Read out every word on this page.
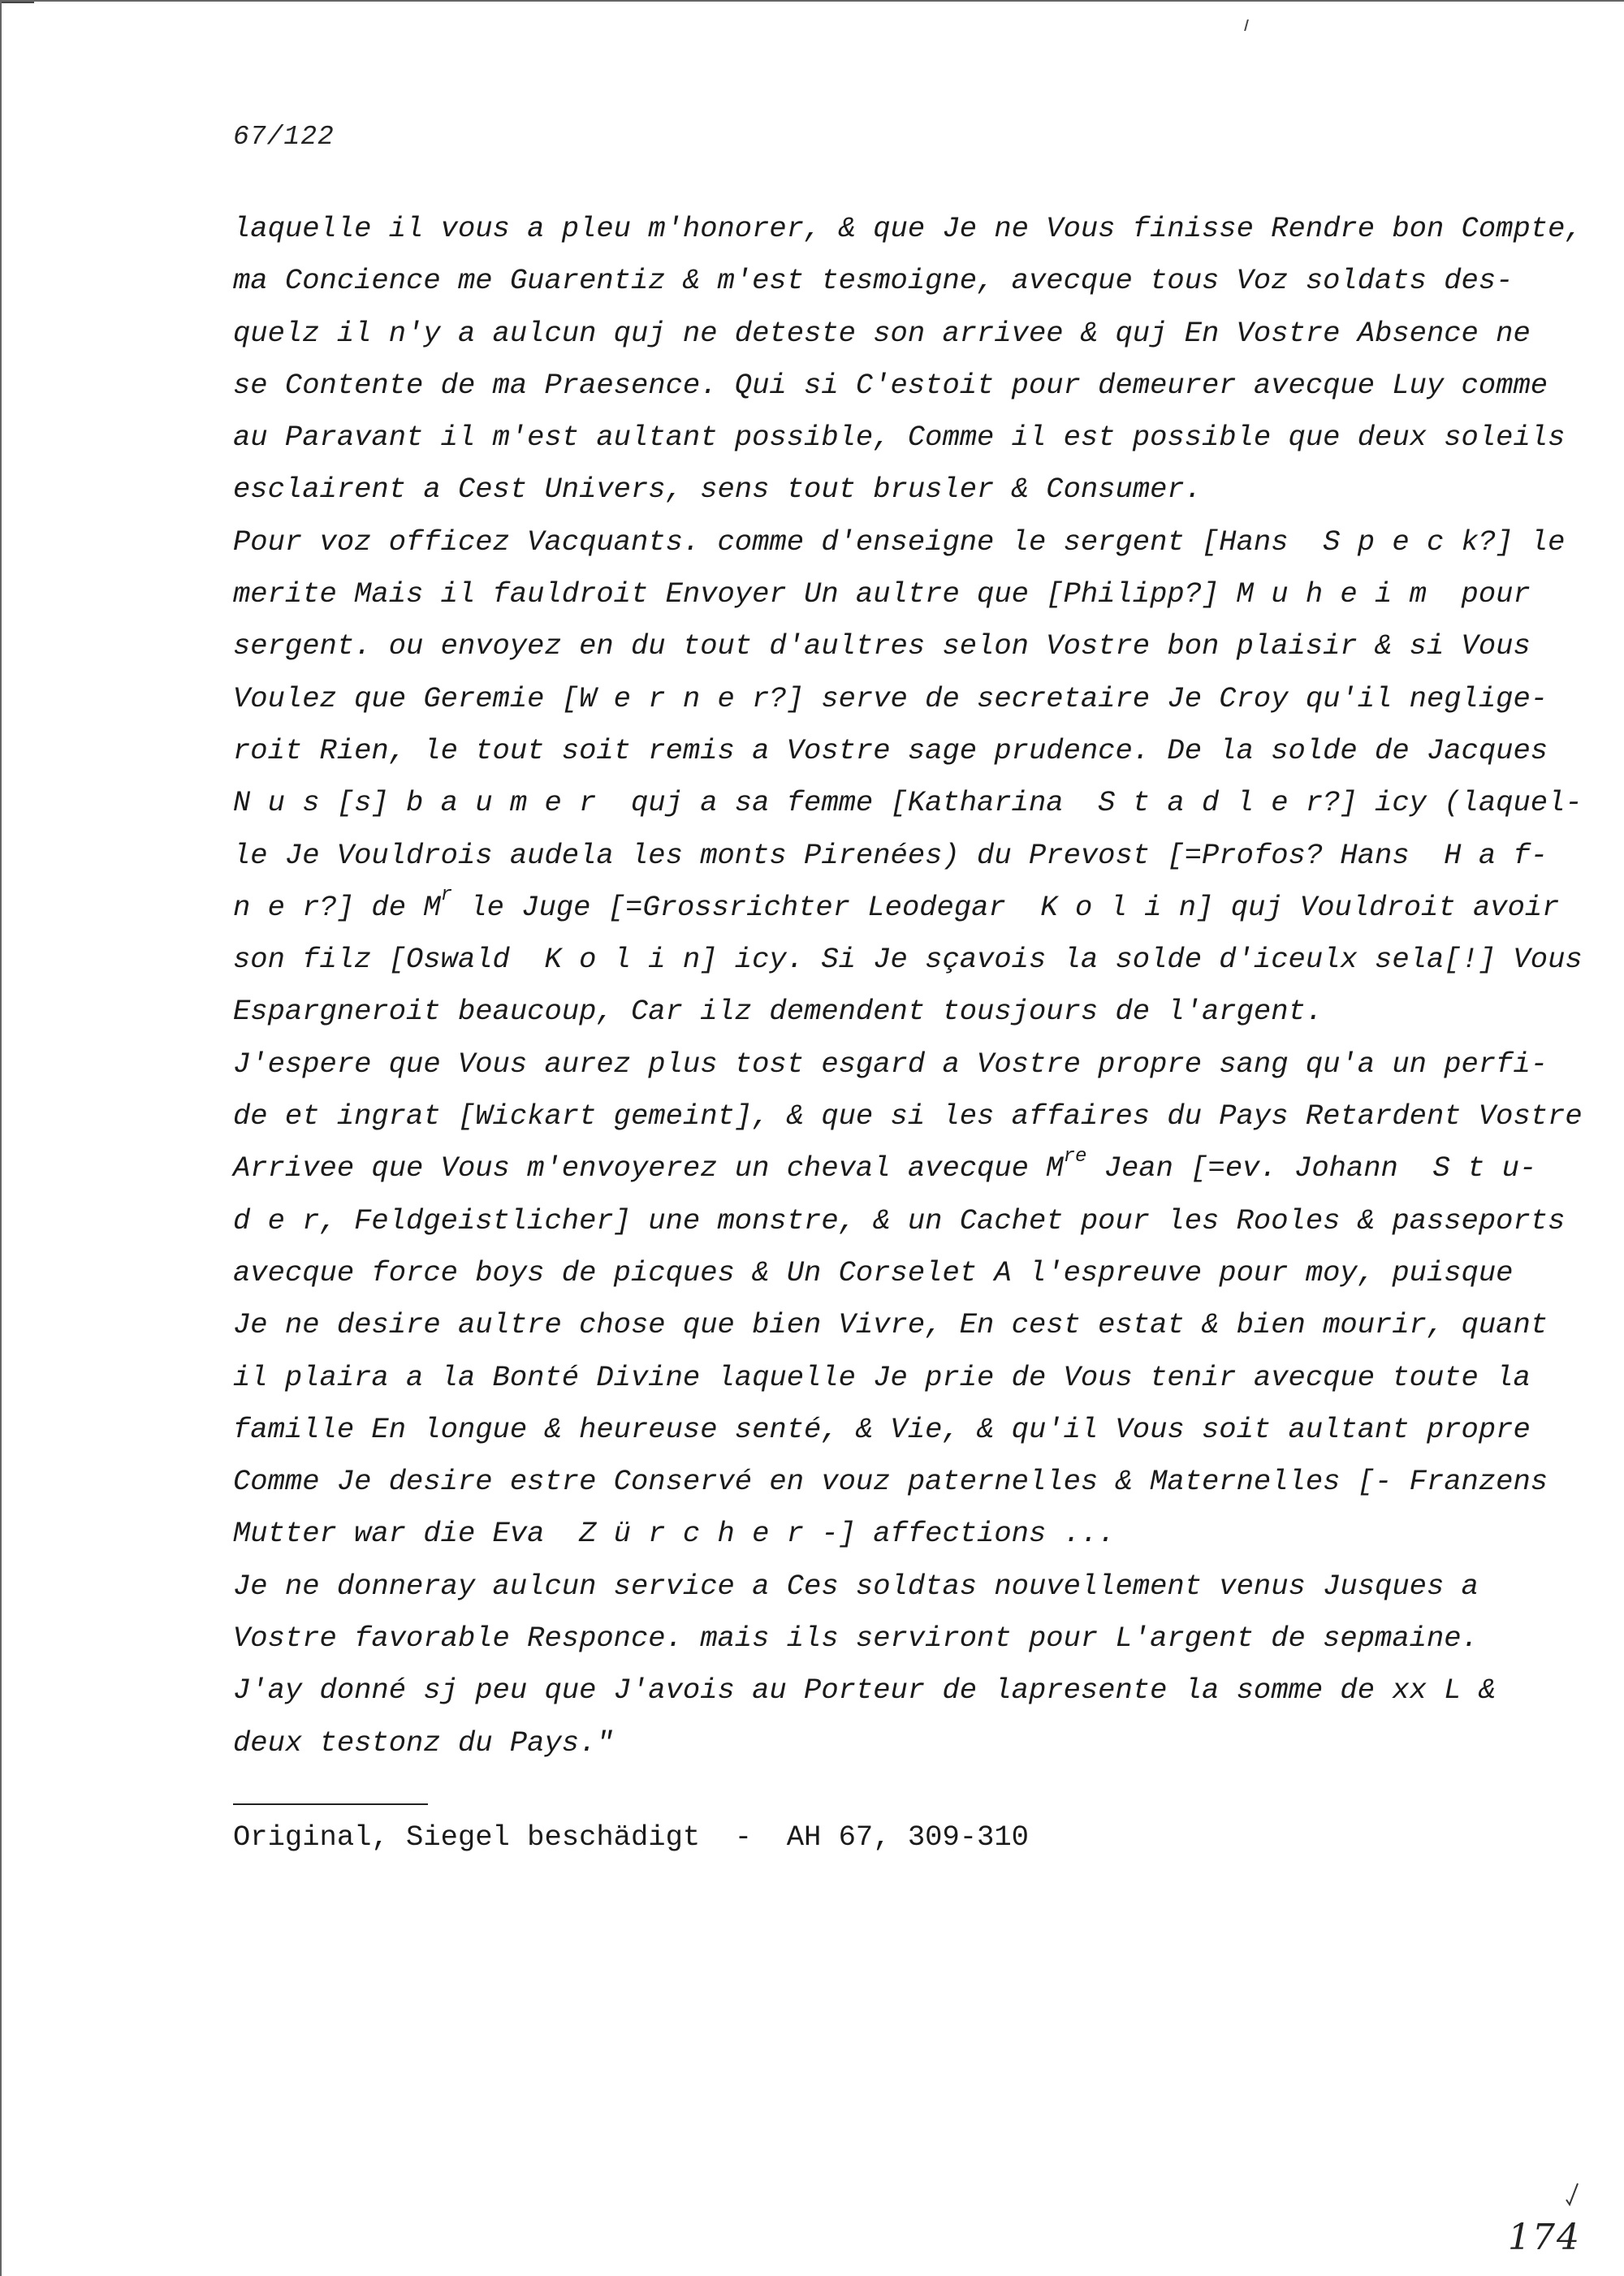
67/122
laquelle il vous a pleu m'honorer, & que Je ne Vous finisse Rendre bon Compte,
ma Concience me Guarentiz & m'est tesmoigne, avecque tous Voz soldats des-
quelz il n'y a aulcun quj ne deteste son arrivee & quj En Vostre Absence ne
se Contente de ma Praesence. Qui si C'estoit pour demeurer avecque Luy comme
au Paravant il m'est aultant possible, Comme il est possible que deux soleils
esclairent a Cest Univers, sens tout brusler & Consumer.
Pour voz officez Vacquants. comme d'enseigne le sergent [Hans  S p e c k?] le
merite Mais il fauldroit Envoyer Un aultre que [Philipp?] M u h e i m  pour
sergent. ou envoyez en du tout d'aultres selon Vostre bon plaisir & si Vous
Voulez que Geremie [W e r n e r?] serve de secretaire Je Croy qu'il neglige-
roit Rien, le tout soit remis a Vostre sage prudence. De la solde de Jacques
N u s [s] b a u m e r  quj a sa femme [Katharina  S t a d l e r?] icy (laquel-
le Je Vouldrois audela les monts Pirenées) du Prevost [=Profos? Hans  H a f-
n e r?] de $M^r$ le Juge [=Grossrichter Leodegar  K o l i n] quj Vouldroit avoir
son filz [Oswald  K o l i n] icy. Si Je sçavois la solde d'iceulx sela[!] Vous
Espargneroit beaucoup, Car ilz demendent tousjours de l'argent.
J'espere que Vous aurez plus tost esgard a Vostre propre sang qu'a un perfi-
de et ingrat [Wickart gemeint], & que si les affaires du Pays Retardent Vostre
Arrivee que Vous m'envoyerez un cheval avecque Mre Jean [=ev. Johann  S t u-
d e r, Feldgeistlicher] une monstre, & un Cachet pour les Rooles & passeports
avecque force boys de picques & Un Corselet A l'espreuve pour moy, puisque
Je ne desire aultre chose que bien Vivre, En cest estat & bien mourir, quant
il plaira a la Bonté Divine laquelle Je prie de Vous tenir avecque toute la
famille En longue & heureuse senté, & Vie, & qu'il Vous soit aultant propre
Comme Je desire estre Conservé en vouz paternelles & Maternelles [- Franzens
Mutter war die Eva  Z ü r c h e r -] affections ...
Je ne donneray aulcun service a Ces soldtas nouvellement venus Jusques a
Vostre favorable Responce. mais ils serviront pour L'argent de sepmaine.
J'ay donné sj peu que J'avois au Porteur de lapresente la somme de xx L &
deux testonz du Pays."
Original, Siegel beschädigt  -  AH 67, 309-310
174
